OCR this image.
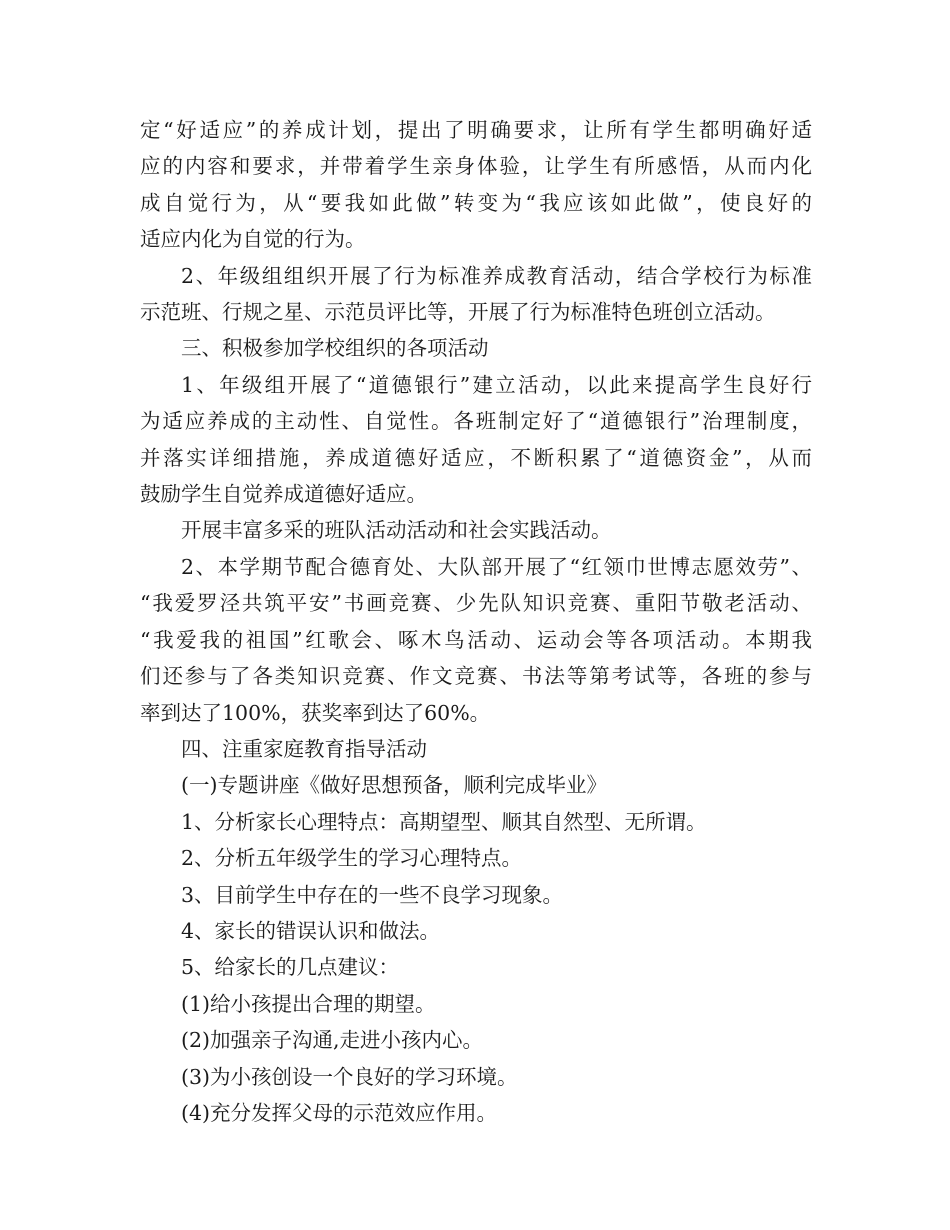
定“好适应”的养成计划，提出了明确要求，让所有学生都明确好适
应的内容和要求，并带着学生亲身体验，让学生有所感悟，从而内化
成自觉行为，从“要我如此做”转变为“我应该如此做”，使良好的
适应内化为自觉的行为。
2、年级组组织开展了行为标准养成教育活动，结合学校行为标准
示范班、行规之星、示范员评比等，开展了行为标准特色班创立活动。
三、积极参加学校组织的各项活动
1、年级组开展了“道德银行”建立活动，以此来提高学生良好行
为适应养成的主动性、自觉性。各班制定好了“道德银行”治理制度，
并落实详细措施，养成道德好适应，不断积累了“道德资金”，从而
鼓励学生自觉养成道德好适应。
开展丰富多采的班队活动活动和社会实践活动。
2、本学期节配合德育处、大队部开展了“红领巾世博志愿效劳”、
“我爱罗泾共筑平安”书画竞赛、少先队知识竞赛、重阳节敬老活动、
“我爱我的祖国”红歌会、啄木鸟活动、运动会等各项活动。本期我
们还参与了各类知识竞赛、作文竞赛、书法等第考试等，各班的参与
率到达了100%，获奖率到达了60%。
四、注重家庭教育指导活动
(一)专题讲座《做好思想预备，顺利完成毕业》
1、分析家长心理特点：高期望型、顺其自然型、无所谓。
2、分析五年级学生的学习心理特点。
3、目前学生中存在的一些不良学习现象。
4、家长的错误认识和做法。
5、给家长的几点建议：
(1)给小孩提出合理的期望。
(2)加强亲子沟通,走进小孩内心。
(3)为小孩创设一个良好的学习环境。
(4)充分发挥父母的示范效应作用。
